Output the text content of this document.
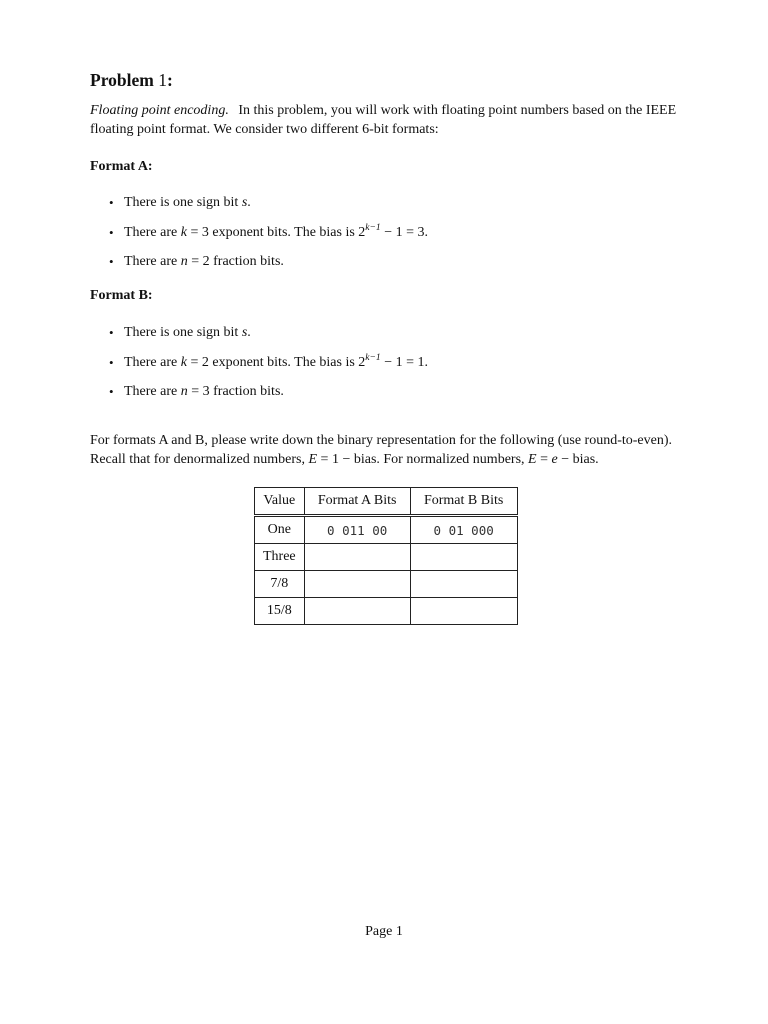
Problem 1:
Floating point encoding. In this problem, you will work with floating point numbers based on the IEEE floating point format. We consider two different 6-bit formats:
Format A:
• There is one sign bit s.
• There are k = 3 exponent bits. The bias is $2^{k-1} - 1 = 3$.
• There are n = 2 fraction bits.
Format B:
• There is one sign bit s.
• There are k = 2 exponent bits. The bias is $2^{k-1} - 1 = 1$.
• There are n = 3 fraction bits.
For formats A and B, please write down the binary representation for the following (use round-to-even). Recall that for denormalized numbers, E = 1 − bias. For normalized numbers, E = e − bias.
Value	Format A Bits	Format B Bits
One	0 011 00	0 01 000
Three		
7/8		
15/8		
Page 1
